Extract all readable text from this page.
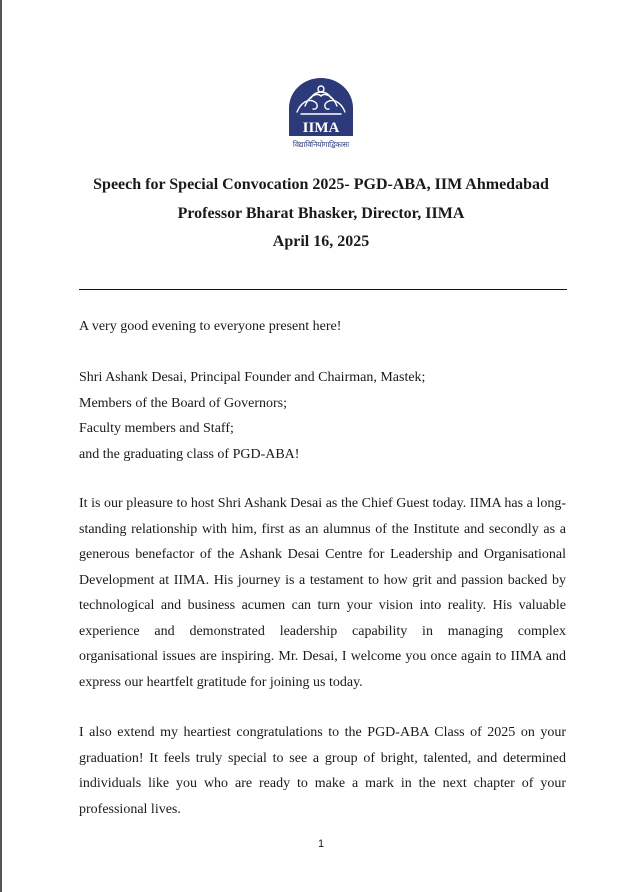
IIMA
विद्याविनियोगाद्विकासः
Speech for Special Convocation 2025- PGD-ABA, IIM Ahmedabad
Professor Bharat Bhasker, Director, IIMA
April 16, 2025
A very good evening to everyone present here!
Shri Ashank Desai, Principal Founder and Chairman, Mastek;
Members of the Board of Governors;
Faculty members and Staff;
and the graduating class of PGD-ABA!
It is our pleasure to host Shri Ashank Desai as the Chief Guest today. IIMA has a long-standing relationship with him, first as an alumnus of the Institute and secondly as a generous benefactor of the Ashank Desai Centre for Leadership and Organisational Development at IIMA. His journey is a testament to how grit and passion backed by technological and business acumen can turn your vision into reality. His valuable experience and demonstrated leadership capability in managing complex organisational issues are inspiring. Mr. Desai, I welcome you once again to IIMA and express our heartfelt gratitude for joining us today.
I also extend my heartiest congratulations to the PGD-ABA Class of 2025 on your graduation! It feels truly special to see a group of bright, talented, and determined individuals like you who are ready to make a mark in the next chapter of your professional lives.
1
